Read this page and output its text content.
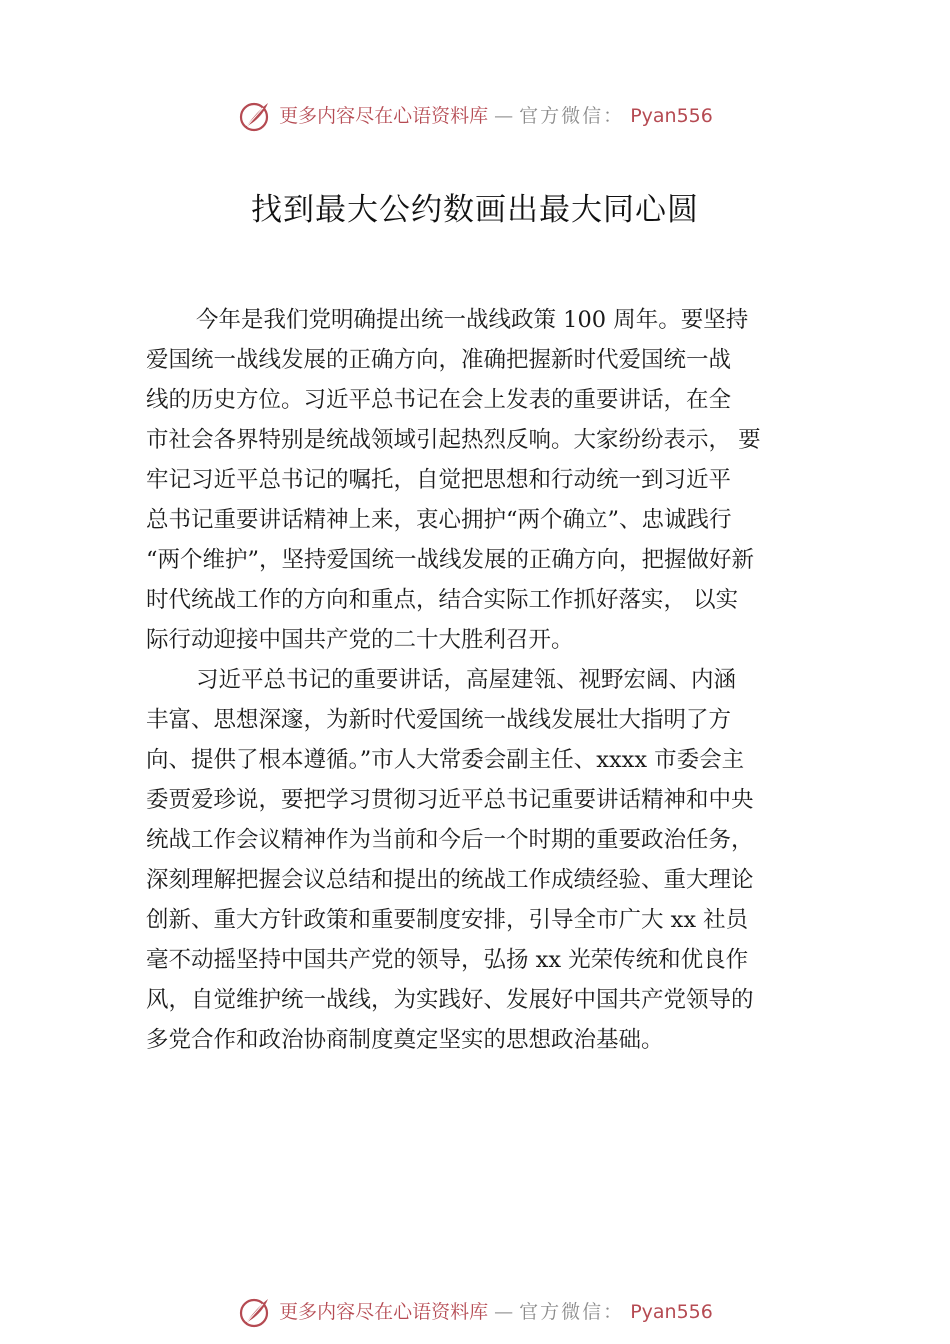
更多内容尽在心语资料库 — 官方微信： Pyan556
找到最大公约数画出最大同心圆
今年是我们党明确提出统一战线政策 100 周年。要坚持
爱国统一战线发展的正确方向，准确把握新时代爱国统一战
线的历史方位。习近平总书记在会上发表的重要讲话，在全
市社会各界特别是统战领域引起热烈反响。大家纷纷表示， 要
牢记习近平总书记的嘱托，自觉把思想和行动统一到习近平
总书记重要讲话精神上来，衷心拥护“两个确立”、忠诚践行
“两个维护”，坚持爱国统一战线发展的正确方向，把握做好新
时代统战工作的方向和重点，结合实际工作抓好落实， 以实
际行动迎接中国共产党的二十大胜利召开。
习近平总书记的重要讲话，高屋建瓴、视野宏阔、内涵
丰富、思想深邃，为新时代爱国统一战线发展壮大指明了方
向、提供了根本遵循。”市人大常委会副主任、xxxx 市委会主
委贾爱珍说，要把学习贯彻习近平总书记重要讲话精神和中央
统战工作会议精神作为当前和今后一个时期的重要政治任务，
深刻理解把握会议总结和提出的统战工作成绩经验、重大理论
创新、重大方针政策和重要制度安排，引导全市广大 xx 社员
毫不动摇坚持中国共产党的领导，弘扬 xx 光荣传统和优良作
风，自觉维护统一战线，为实践好、发展好中国共产党领导的
多党合作和政治协商制度奠定坚实的思想政治基础。
更多内容尽在心语资料库 — 官方微信： Pyan556
